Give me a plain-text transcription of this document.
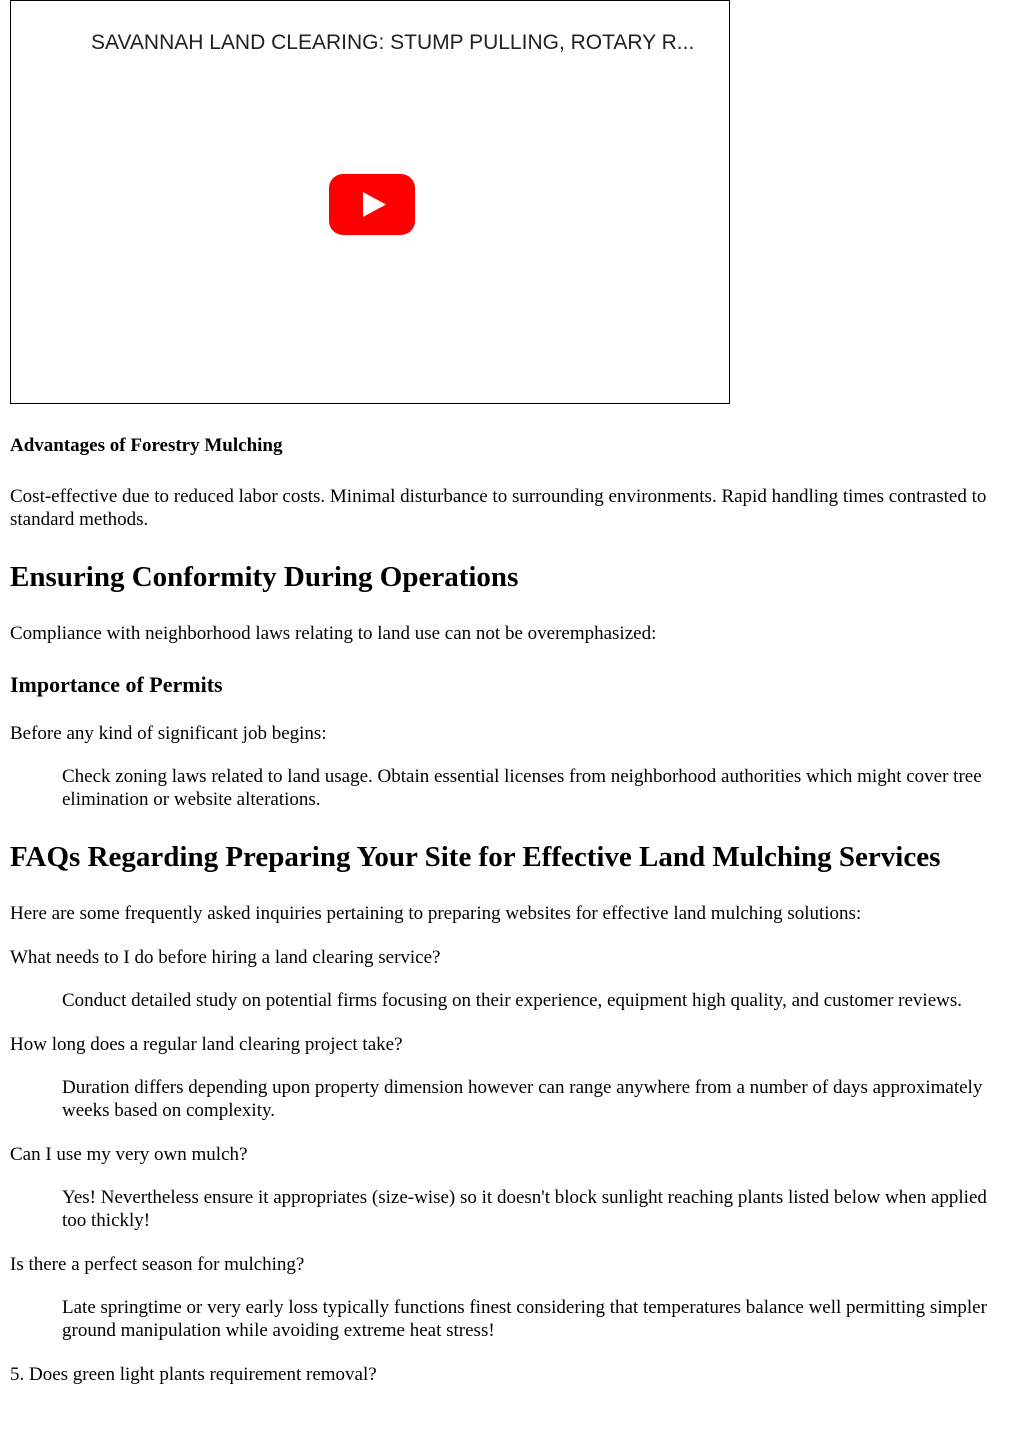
SAVANNAH LAND CLEARING: STUMP PULLING, ROTARY R...

Advantages of Forestry Mulching

Cost-effective due to reduced labor costs. Minimal disturbance to surrounding environments. Rapid handling times contrasted to standard methods.

Ensuring Conformity During Operations

Compliance with neighborhood laws relating to land use can not be overemphasized:

Importance of Permits

Before any kind of significant job begins:

Check zoning laws related to land usage. Obtain essential licenses from neighborhood authorities which might cover tree elimination or website alterations.
FAQs Regarding Preparing Your Site for Effective Land Mulching Services

Here are some frequently asked inquiries pertaining to preparing websites for effective land mulching solutions:

What needs to I do before hiring a land clearing service?

Conduct detailed study on potential firms focusing on their experience, equipment high quality, and customer reviews.

How long does a regular land clearing project take?

Duration differs depending upon property dimension however can range anywhere from a number of days approximately weeks based on complexity.

Can I use my very own mulch?

Yes! Nevertheless ensure it appropriates (size-wise) so it doesn't block sunlight reaching plants listed below when applied too thickly!

Is there a perfect season for mulching?

Late springtime or very early loss typically functions finest considering that temperatures balance well permitting simpler ground manipulation while avoiding extreme heat stress!

5. Does green light plants requirement removal?
